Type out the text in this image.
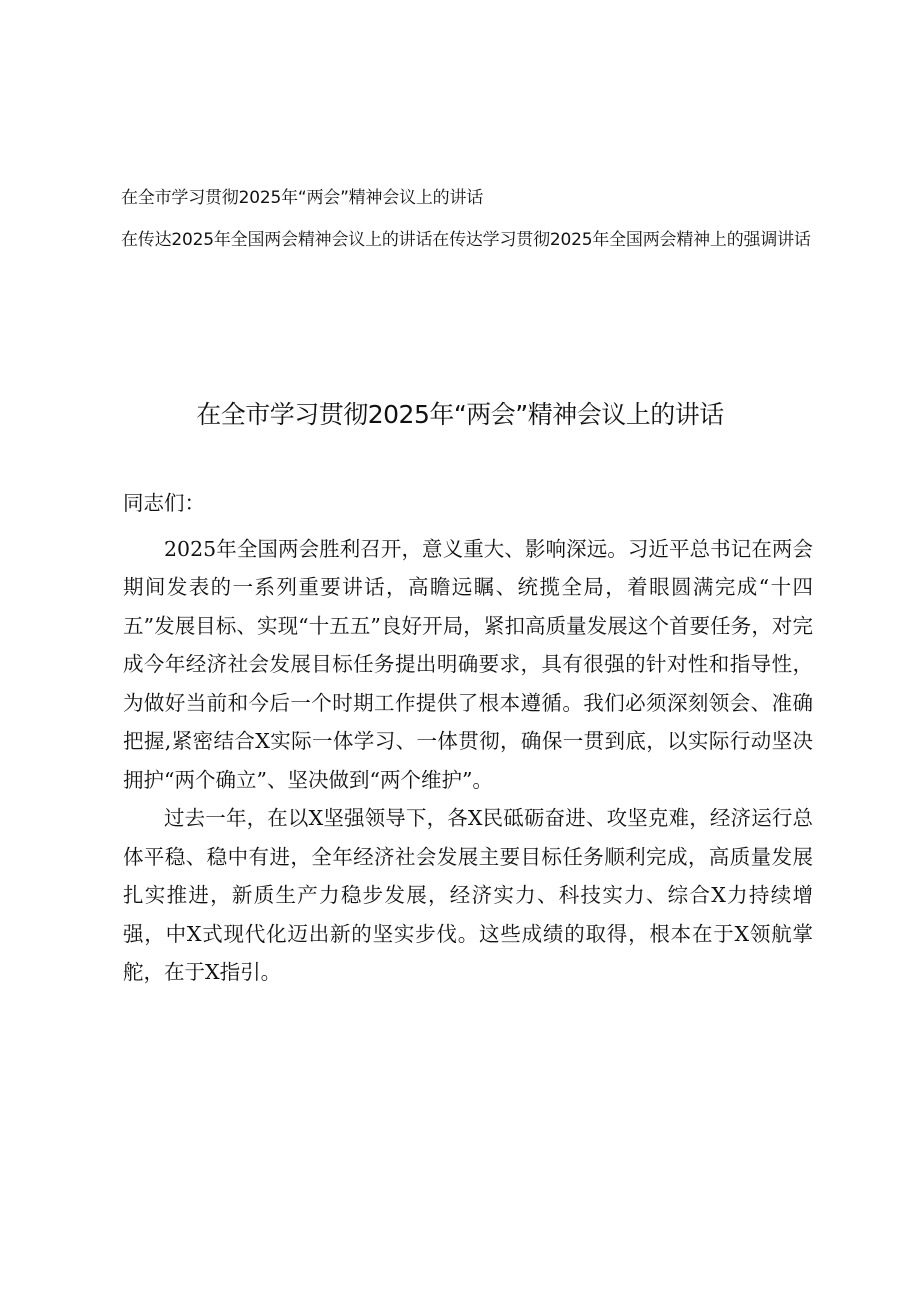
在全市学习贯彻2025年“两会”精神会议上的讲话
在传达2025年全国两会精神会议上的讲话在传达学习贯彻2025年全国两会精神上的强调讲话
在全市学习贯彻2025年“两会”精神会议上的讲话

同志们：

2025年全国两会胜利召开，意义重大、影响深远。习近平总书记在两会期间发表的一系列重要讲话，高瞻远瞩、统揽全局，着眼圆满完成“十四五”发展目标、实现“十五五”良好开局，紧扣高质量发展这个首要任务，对完成今年经济社会发展目标任务提出明确要求，具有很强的针对性和指导性，为做好当前和今后一个时期工作提供了根本遵循。我们必须深刻领会、准确把握,紧密结合X实际一体学习、一体贯彻，确保一贯到底，以实际行动坚决拥护“两个确立”、坚决做到“两个维护”。

过去一年，在以X坚强领导下，各X民砥砺奋进、攻坚克难，经济运行总体平稳、稳中有进，全年经济社会发展主要目标任务顺利完成，高质量发展扎实推进，新质生产力稳步发展，经济实力、科技实力、综合X力持续增强，中X式现代化迈出新的坚实步伐。这些成绩的取得，根本在于X领航掌舵，在于X指引。
